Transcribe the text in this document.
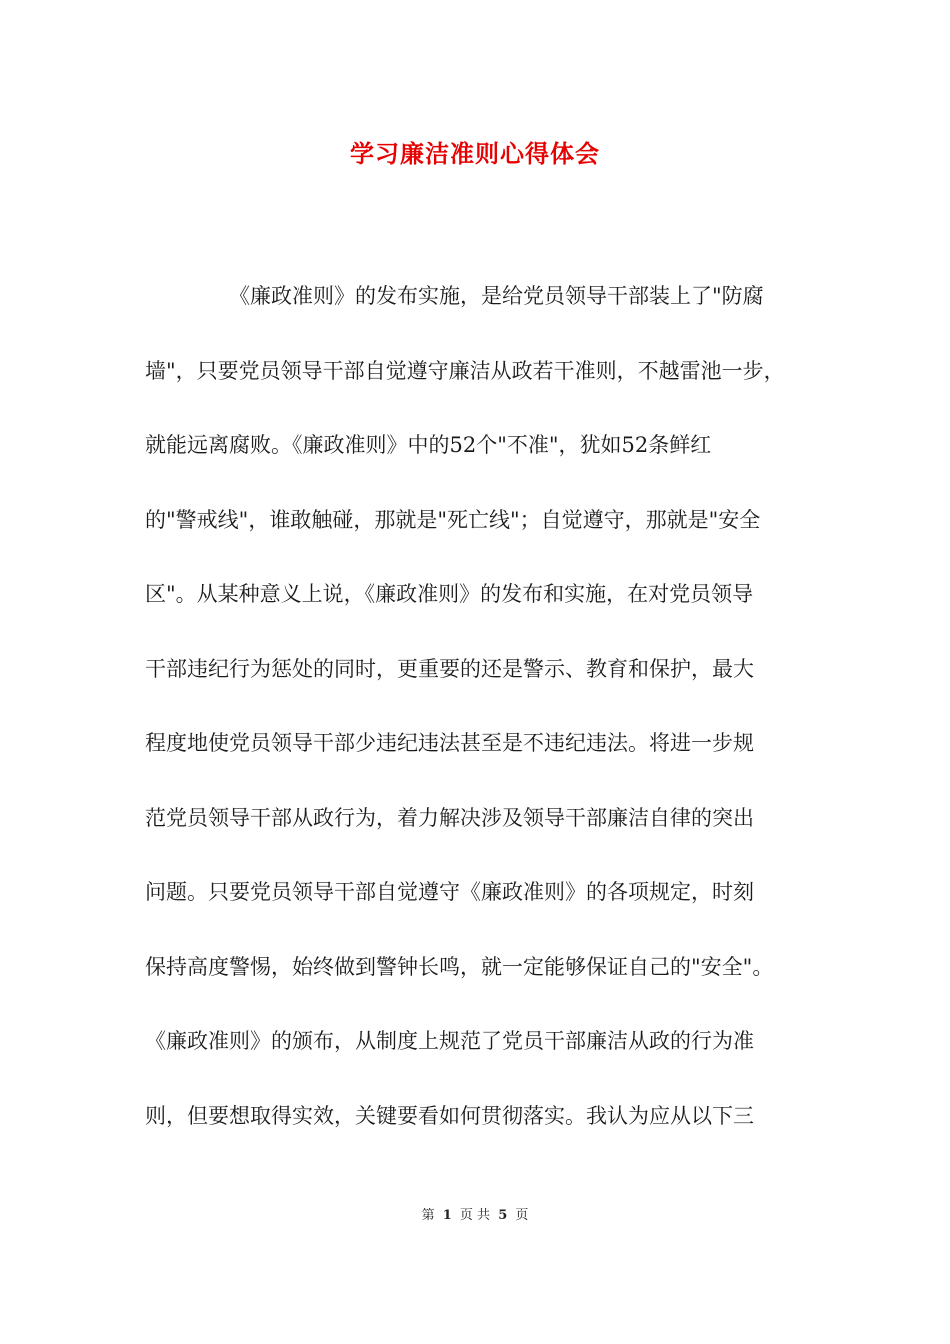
学习廉洁准则心得体会
《廉政准则》的发布实施，是给党员领导干部装上了"防腐
墙"，只要党员领导干部自觉遵守廉洁从政若干准则，不越雷池一步，
就能远离腐败。《廉政准则》中的52个"不准"，犹如52条鲜红
的"警戒线"，谁敢触碰，那就是"死亡线"；自觉遵守，那就是"安全
区"。从某种意义上说，《廉政准则》的发布和实施，在对党员领导
干部违纪行为惩处的同时，更重要的还是警示、教育和保护，最大
程度地使党员领导干部少违纪违法甚至是不违纪违法。将进一步规
范党员领导干部从政行为，着力解决涉及领导干部廉洁自律的突出
问题。只要党员领导干部自觉遵守《廉政准则》的各项规定，时刻
保持高度警惕，始终做到警钟长鸣，就一定能够保证自己的"安全"。
《廉政准则》的颁布，从制度上规范了党员干部廉洁从政的行为准
则，但要想取得实效，关键要看如何贯彻落实。我认为应从以下三
第 1 页 共 5 页
